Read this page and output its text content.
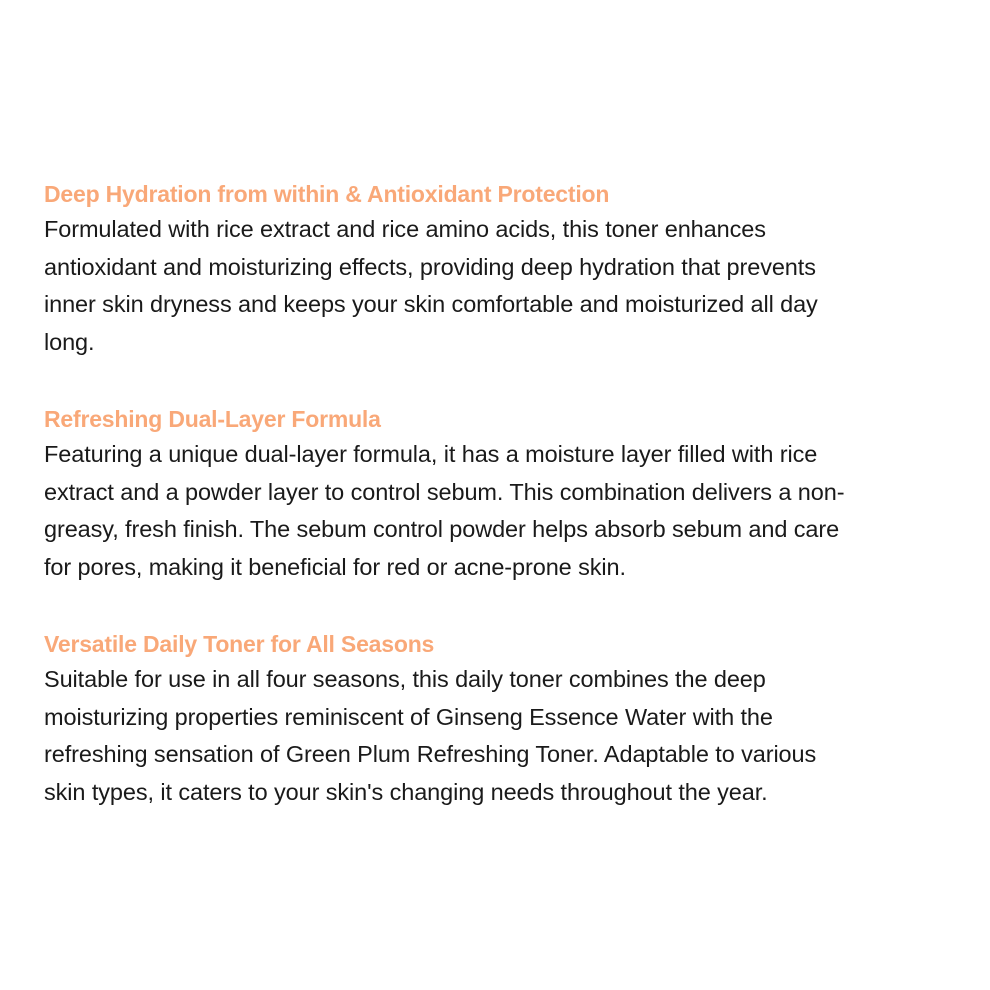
Deep Hydration from within & Antioxidant Protection
Formulated with rice extract and rice amino acids, this toner enhances
antioxidant and moisturizing effects, providing deep hydration that prevents
inner skin dryness and keeps your skin comfortable and moisturized all day
long.
Refreshing Dual-Layer Formula
Featuring a unique dual-layer formula, it has a moisture layer filled with rice
extract and a powder layer to control sebum. This combination delivers a non-
greasy, fresh finish. The sebum control powder helps absorb sebum and care
for pores, making it beneficial for red or acne-prone skin.
Versatile Daily Toner for All Seasons
Suitable for use in all four seasons, this daily toner combines the deep
moisturizing properties reminiscent of Ginseng Essence Water with the
refreshing sensation of Green Plum Refreshing Toner. Adaptable to various
skin types, it caters to your skin's changing needs throughout the year.
